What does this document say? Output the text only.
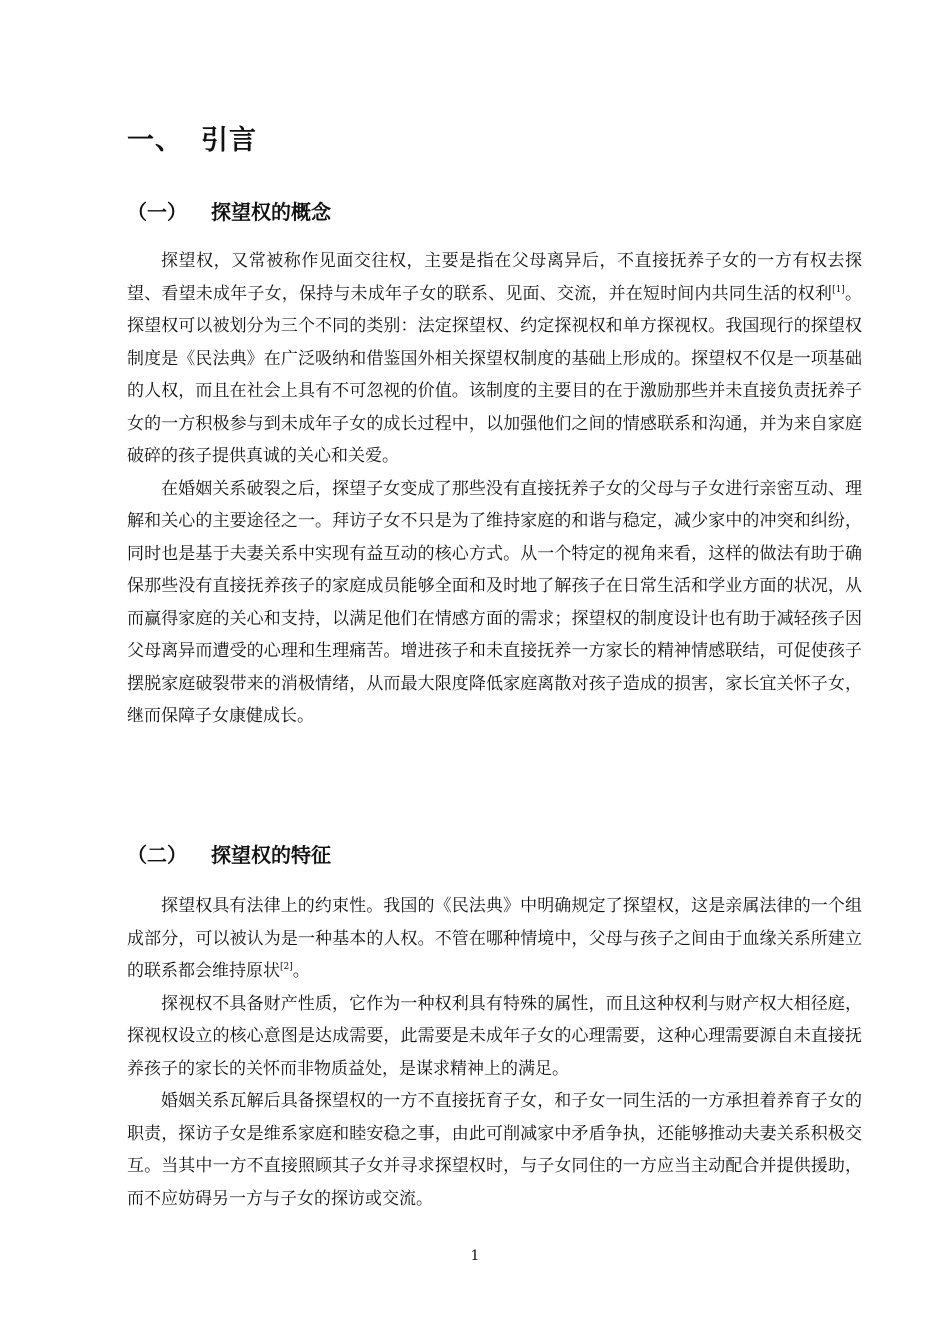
一、 引言
（一） 探望权的概念

探望权，又常被称作见面交往权，主要是指在父母离异后，不直接抚养子女的一方有权去探望、看望未成年子女，保持与未成年子女的联系、见面、交流，并在短时间内共同生活的权利[1]。探望权可以被划分为三个不同的类别：法定探望权、约定探视权和单方探视权。我国现行的探望权制度是《民法典》在广泛吸纳和借鉴国外相关探望权制度的基础上形成的。探望权不仅是一项基础的人权，而且在社会上具有不可忽视的价值。该制度的主要目的在于激励那些并未直接负责抚养子女的一方积极参与到未成年子女的成长过程中，以加强他们之间的情感联系和沟通，并为来自家庭破碎的孩子提供真诚的关心和关爱。

在婚姻关系破裂之后，探望子女变成了那些没有直接抚养子女的父母与子女进行亲密互动、理解和关心的主要途径之一。拜访子女不只是为了维持家庭的和谐与稳定，减少家中的冲突和纠纷，同时也是基于夫妻关系中实现有益互动的核心方式。从一个特定的视角来看，这样的做法有助于确保那些没有直接抚养孩子的家庭成员能够全面和及时地了解孩子在日常生活和学业方面的状况，从而赢得家庭的关心和支持，以满足他们在情感方面的需求；探望权的制度设计也有助于减轻孩子因父母离异而遭受的心理和生理痛苦。增进孩子和未直接抚养一方家长的精神情感联结，可促使孩子摆脱家庭破裂带来的消极情绪，从而最大限度降低家庭离散对孩子造成的损害，家长宜关怀子女，继而保障子女康健成长。

（二） 探望权的特征

探望权具有法律上的约束性。我国的《民法典》中明确规定了探望权，这是亲属法律的一个组成部分，可以被认为是一种基本的人权。不管在哪种情境中，父母与孩子之间由于血缘关系所建立的联系都会维持原状[2]。

探视权不具备财产性质，它作为一种权利具有特殊的属性，而且这种权利与财产权大相径庭，探视权设立的核心意图是达成需要，此需要是未成年子女的心理需要，这种心理需要源自未直接抚养孩子的家长的关怀而非物质益处，是谋求精神上的满足。

婚姻关系瓦解后具备探望权的一方不直接抚育子女，和子女一同生活的一方承担着养育子女的职责，探访子女是维系家庭和睦安稳之事，由此可削减家中矛盾争执，还能够推动夫妻关系积极交互。当其中一方不直接照顾其子女并寻求探望权时，与子女同住的一方应当主动配合并提供援助，而不应妨碍另一方与子女的探访或交流。

1
